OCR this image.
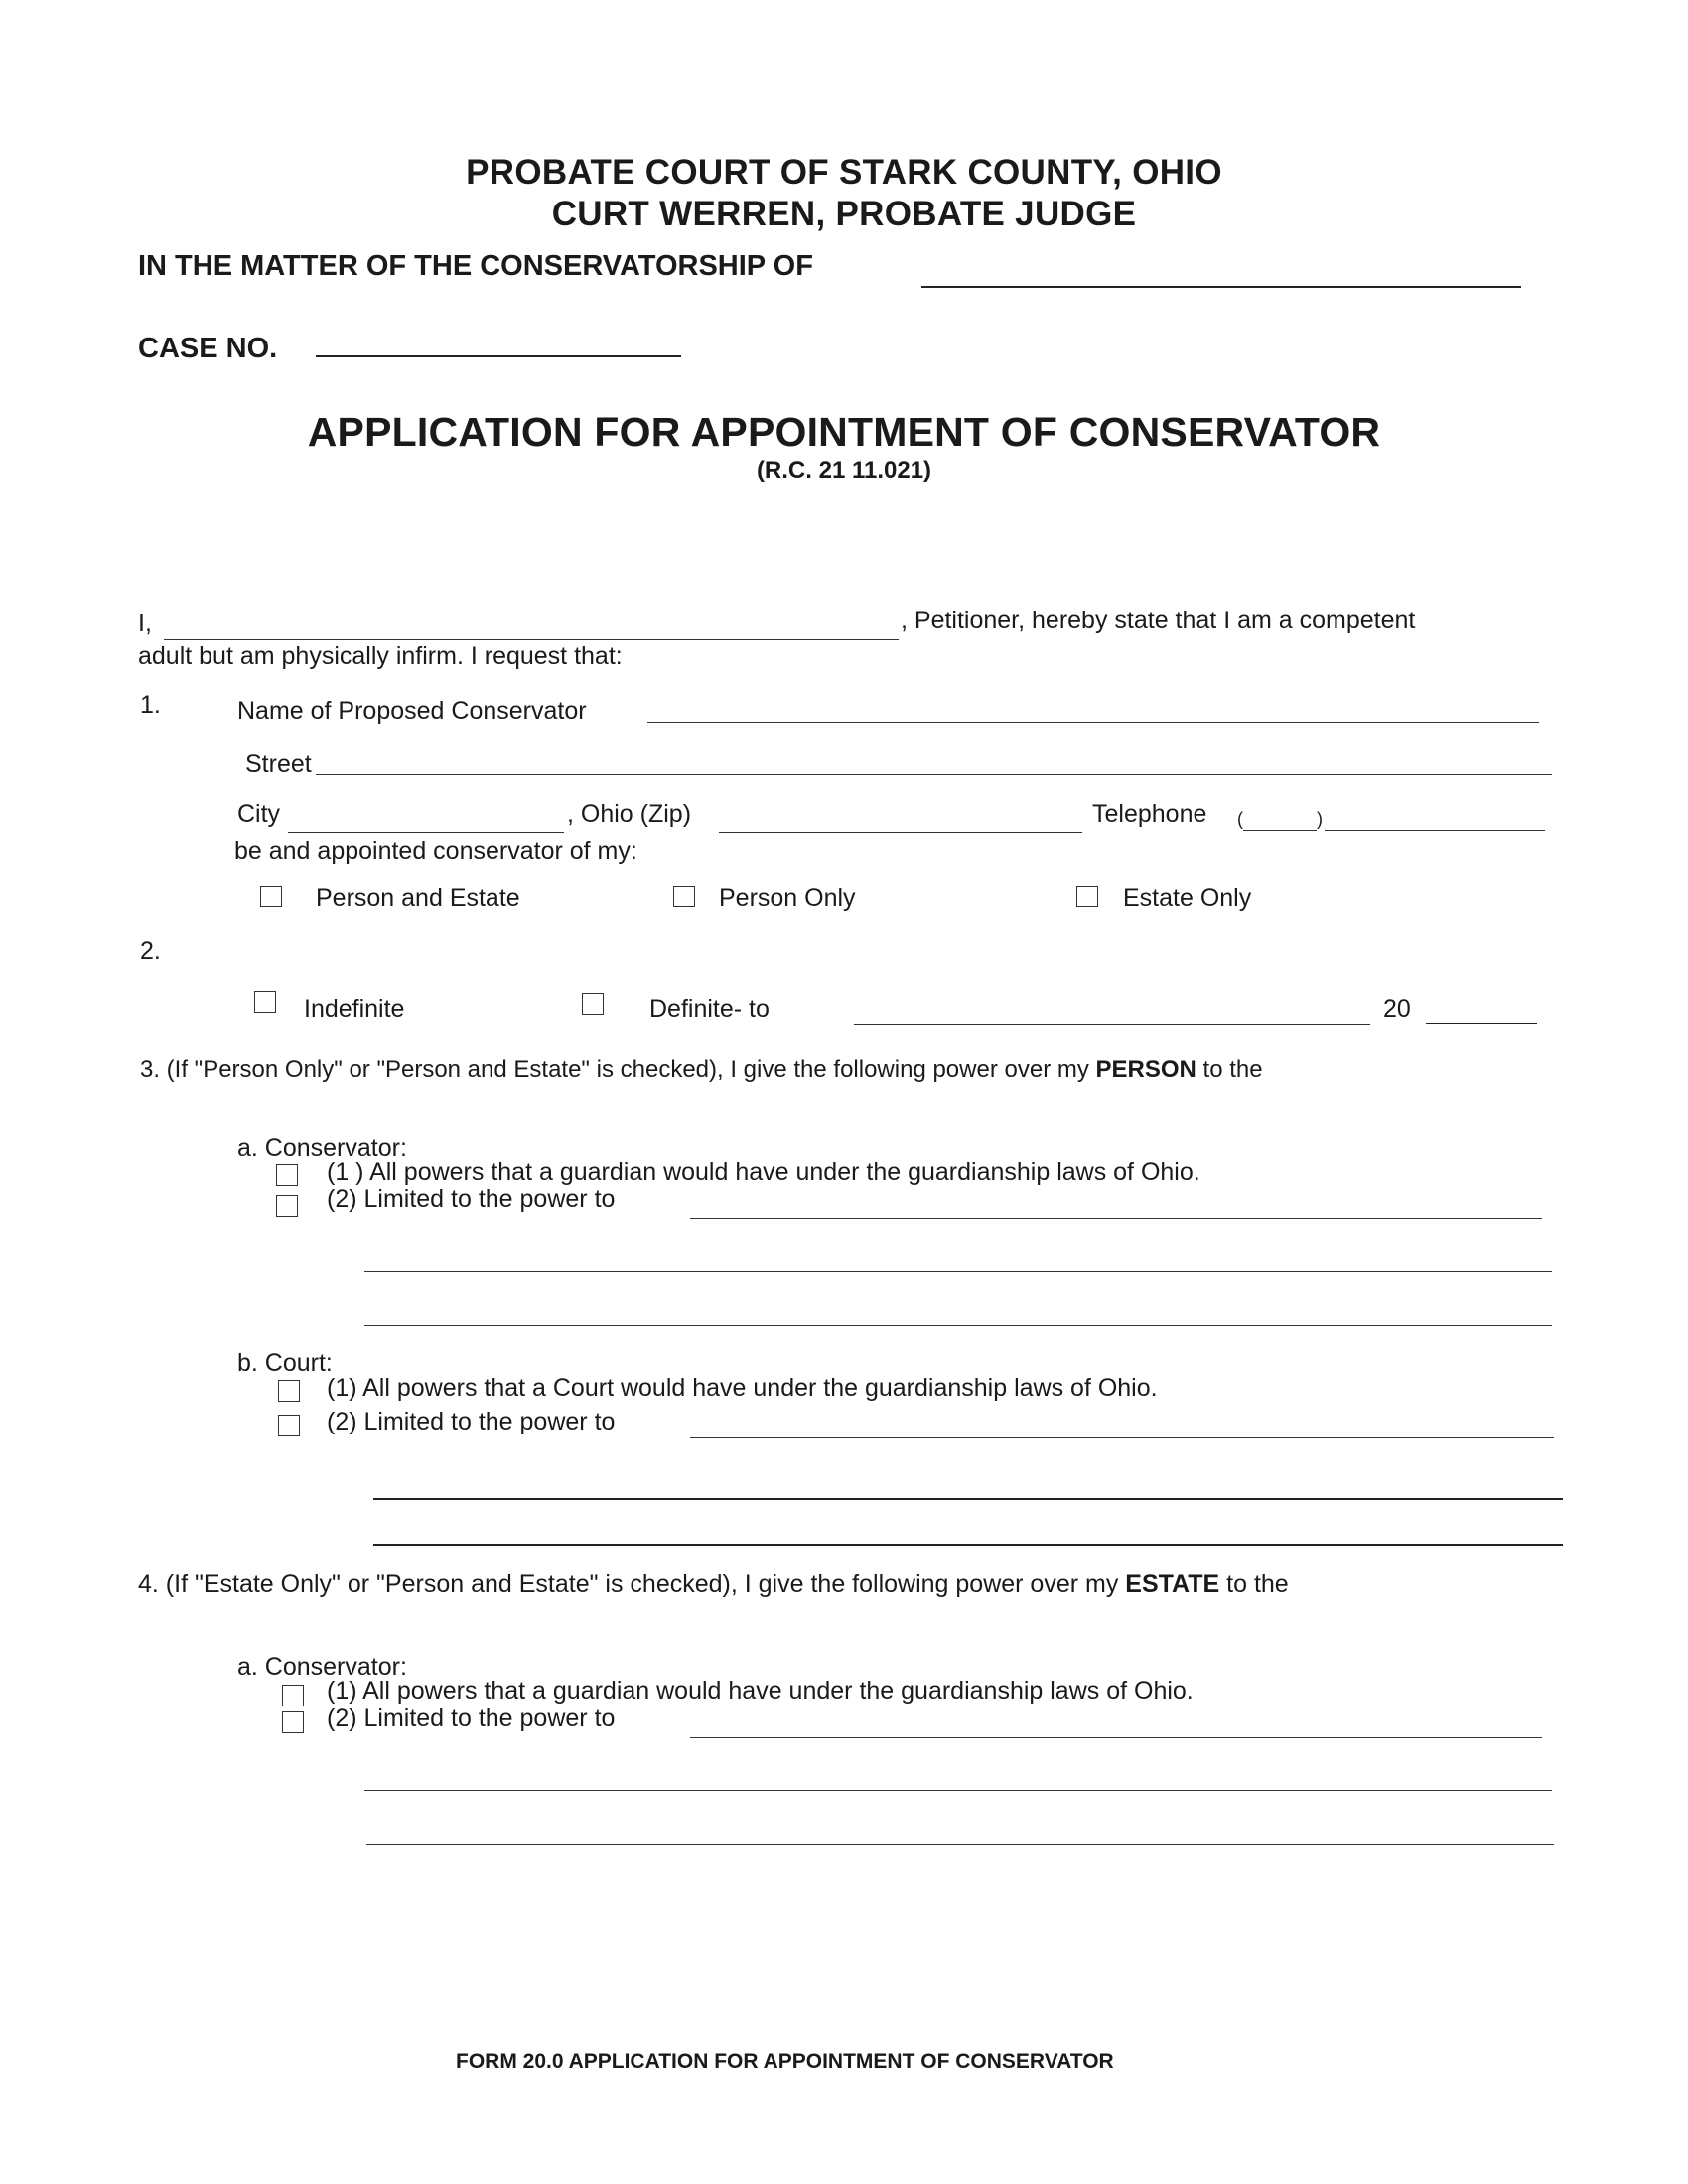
PROBATE COURT OF STARK COUNTY, OHIO
CURT WERREN, PROBATE JUDGE
IN THE MATTER OF THE CONSERVATORSHIP OF
CASE NO.
APPLICATION FOR APPOINTMENT OF CONSERVATOR
(R.C. 21 11.021)
I,	, Petitioner, hereby state that I am a competent
adult but am physically infirm. I request that:
1.	Name of Proposed Conservator
Street
City	, Ohio (Zip)	Telephone (	)
be and appointed conservator of my:
Person and Estate	Person Only	Estate Only
2.
Indefinite	Definite- to	20
3. (If "Person Only" or "Person and Estate" is checked), I give the following power over my PERSON to the
a. Conservator:
(1 ) All powers that a guardian would have under the guardianship laws of Ohio.
(2) Limited to the power to
b. Court:
(1) All powers that a Court would have under the guardianship laws of Ohio.
(2) Limited to the power to
4. (If "Estate Only" or "Person and Estate" is checked), I give the following power over my ESTATE to the
a. Conservator:
(1) All powers that a guardian would have under the guardianship laws of Ohio.
(2) Limited to the power to
FORM 20.0 APPLICATION FOR APPOINTMENT OF CONSERVATOR
